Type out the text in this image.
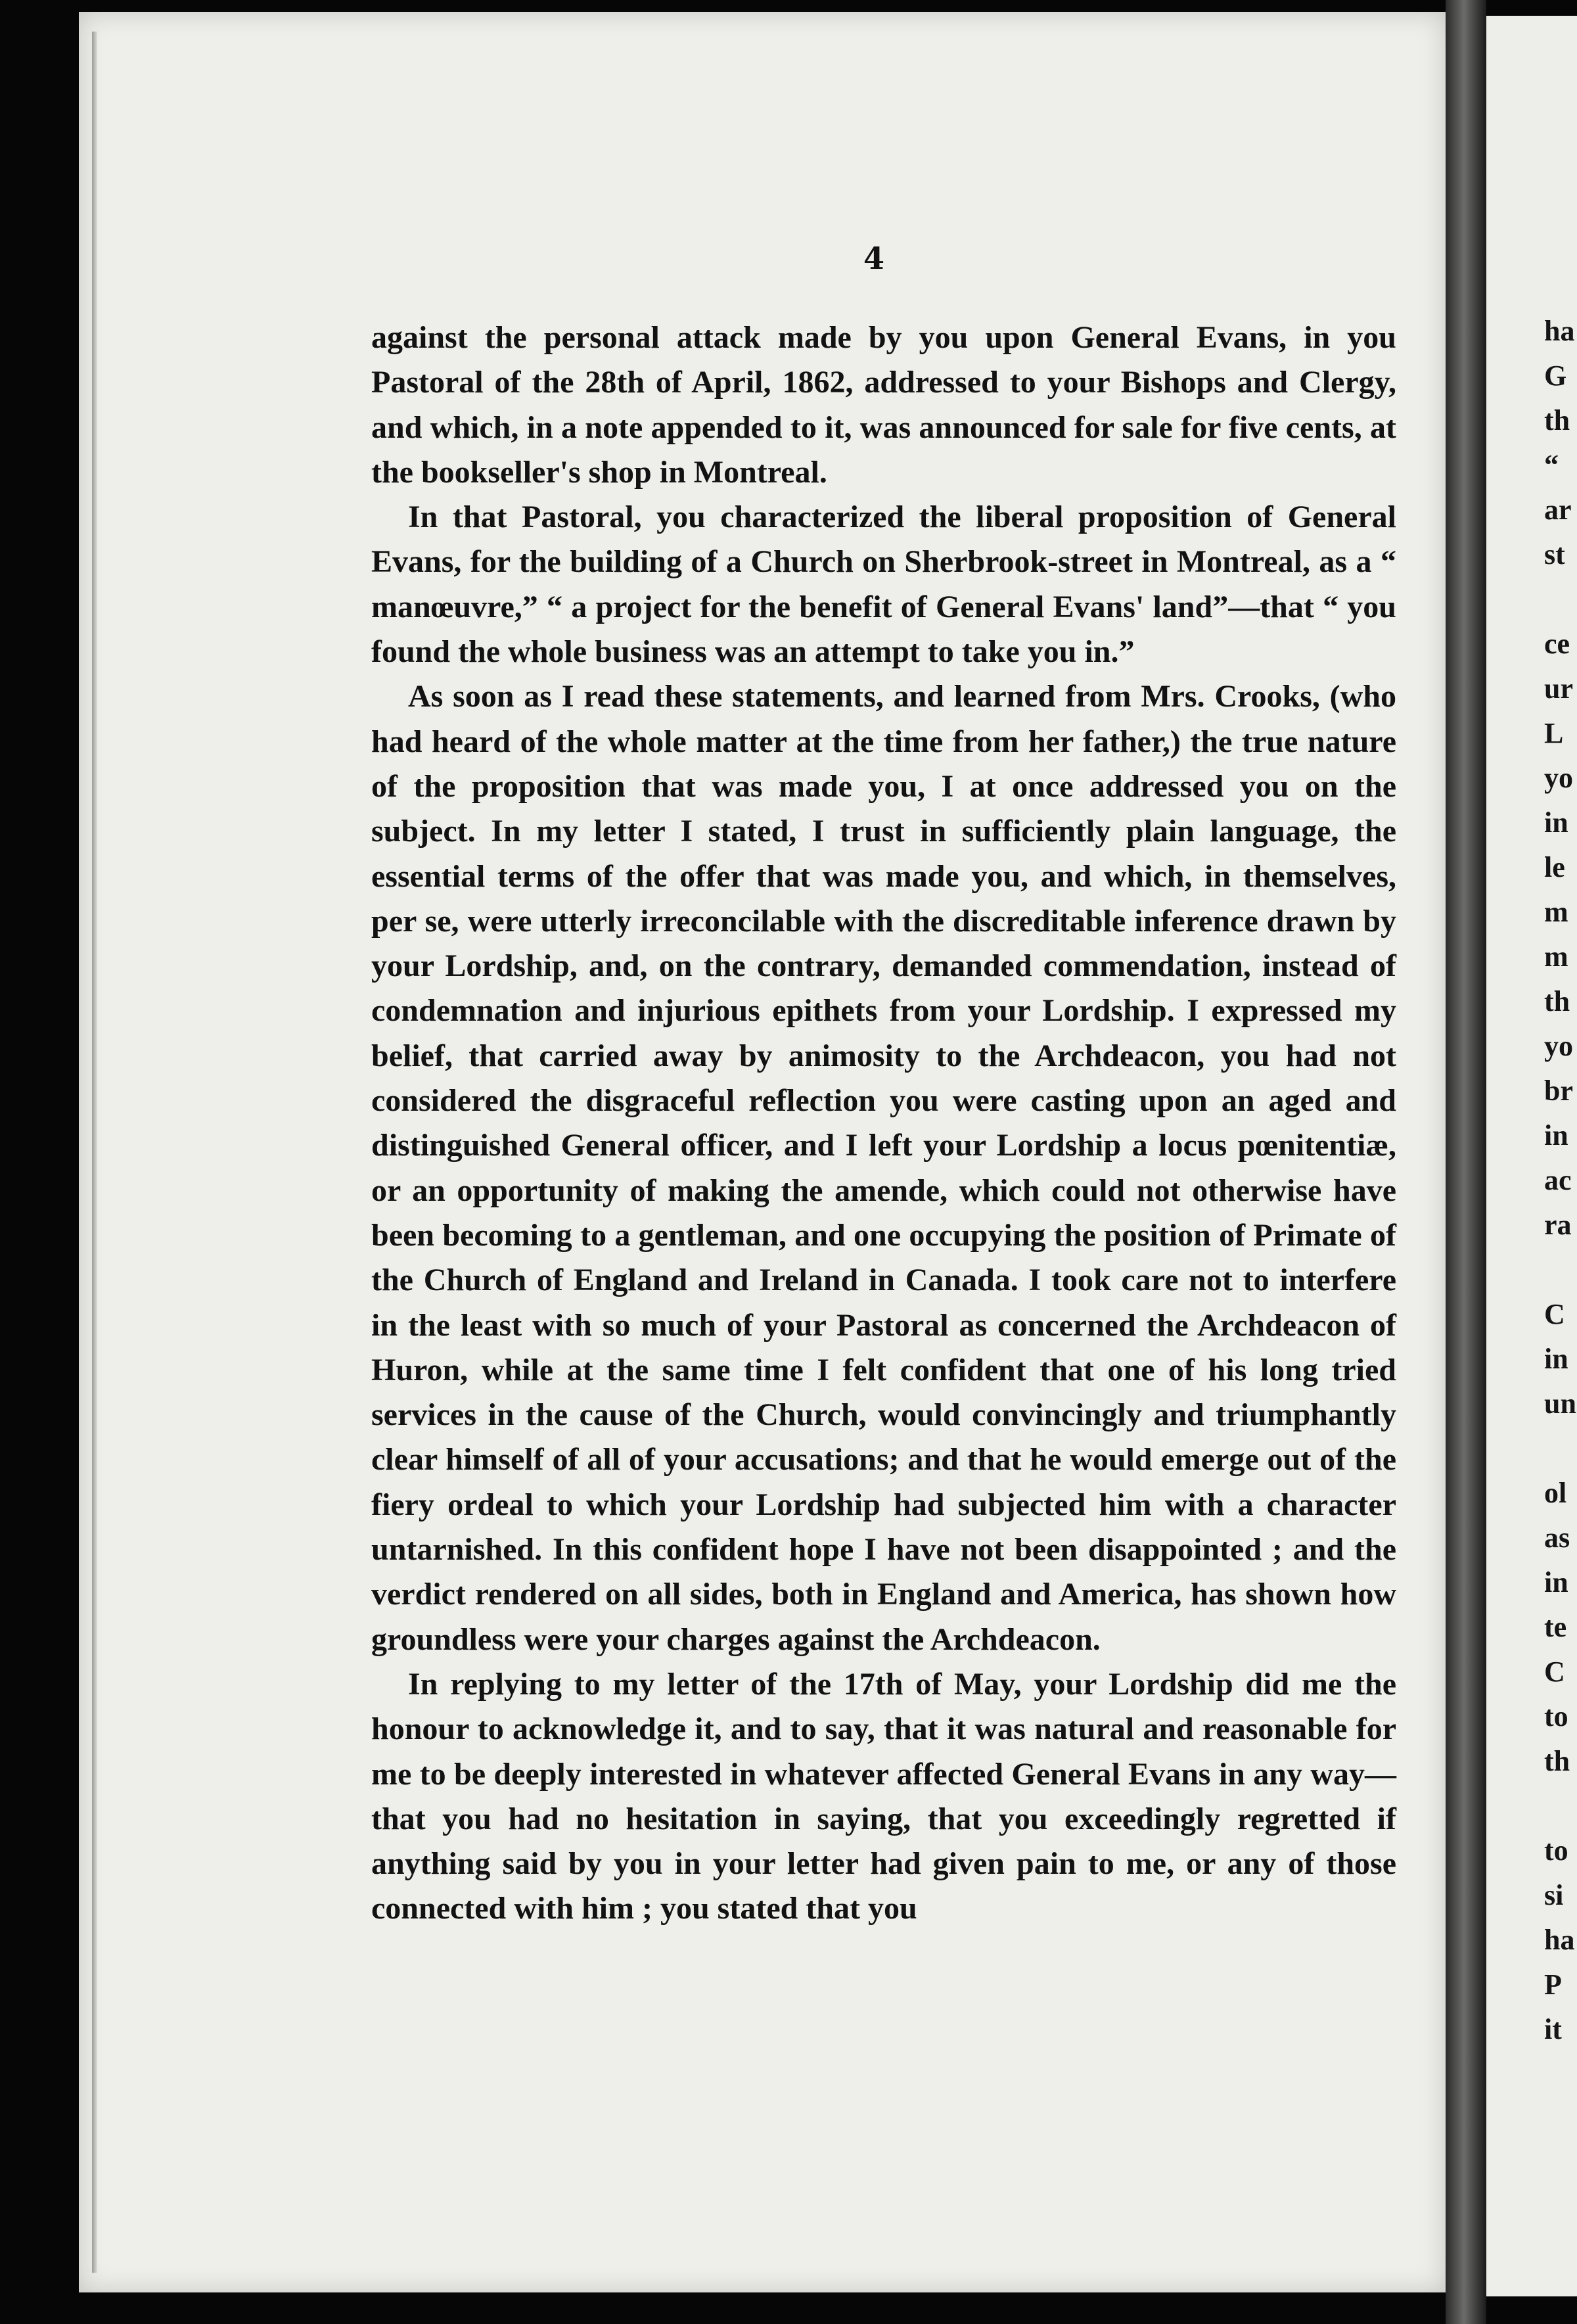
4

against the personal attack made by you upon General Evans, in you Pastoral of the 28th of April, 1862, addressed to your Bishops and Clergy, and which, in a note appended to it, was announced for sale for five cents, at the bookseller's shop in Montreal.

In that Pastoral, you characterized the liberal proposition of General Evans, for the building of a Church on Sherbrook-street in Montreal, as a “ manœuvre,” “ a project for the benefit of General Evans' land”—that “ you found the whole business was an attempt to take you in.”

As soon as I read these statements, and learned from Mrs. Crooks, (who had heard of the whole matter at the time from her father,) the true nature of the proposition that was made you, I at once addressed you on the subject. In my letter I stated, I trust in sufficiently plain language, the essential terms of the offer that was made you, and which, in themselves, per se, were utterly irreconcilable with the discreditable inference drawn by your Lordship, and, on the contrary, demanded commendation, instead of condemnation and injurious epithets from your Lordship. I expressed my belief, that carried away by animosity to the Archdeacon, you had not considered the disgraceful reflection you were casting upon an aged and distinguished General officer, and I left your Lordship a locus pœnitentiæ, or an opportunity of making the amende, which could not otherwise have been becoming to a gentleman, and one occupying the position of Primate of the Church of England and Ireland in Canada. I took care not to interfere in the least with so much of your Pastoral as concerned the Archdeacon of Huron, while at the same time I felt confident that one of his long tried services in the cause of the Church, would convincingly and triumphantly clear himself of all of your accusations; and that he would emerge out of the fiery ordeal to which your Lordship had subjected him with a character untarnished. In this confident hope I have not been disappointed ; and the verdict rendered on all sides, both in England and America, has shown how groundless were your charges against the Archdeacon.

In replying to my letter of the 17th of May, your Lordship did me the honour to acknowledge it, and to say, that it was natural and reasonable for me to be deeply interested in whatever affected General Evans in any way—that you had no hesitation in saying, that you exceedingly regretted if anything said by you in your letter had given pain to me, or any of those connected with him ; you stated that you

ha
G
th
“
ar
st

ce
ur
L
yo
in
le
m
m
th
yo
br
in
ac
ra

C
in
un

ol
as
in
te
C
to
th

to
si
ha
P
it
